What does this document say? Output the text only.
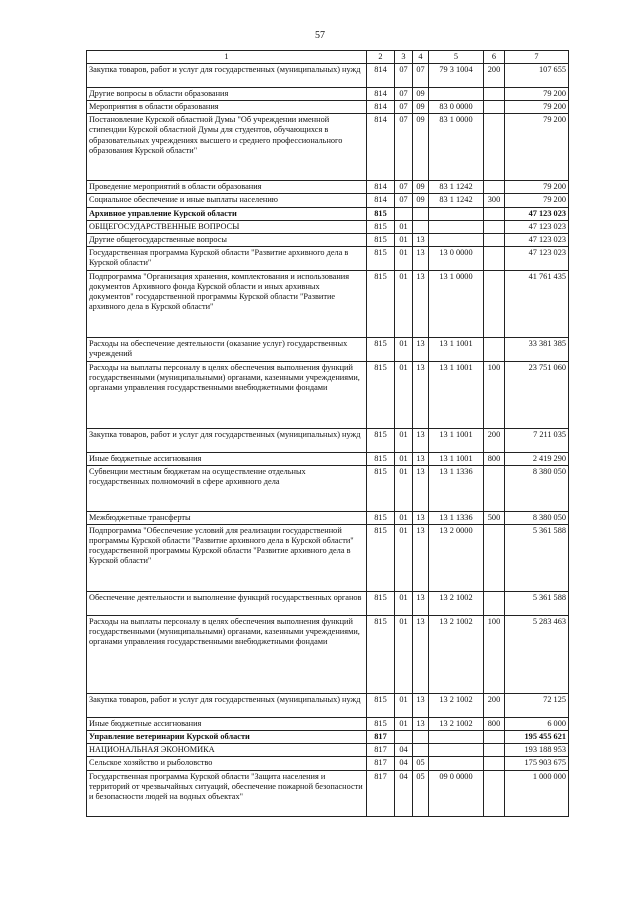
57
1	2	3	4	5	6	7
Закупка товаров, работ и услуг для государственных (муниципальных) нужд	814	07	07	79 3 1004	200	107 655
Другие вопросы в области образования	814	07	09			79 200
Мероприятия в области образования	814	07	09	83 0 0000		79 200
Постановление Курской областной Думы "Об учреждении именной стипендии Курской областной Думы для студентов, обучающихся в образовательных учреждениях высшего и среднего профессионального образования Курской области"	814	07	09	83 1 0000		79 200
Проведение мероприятий в области образования	814	07	09	83 1 1242		79 200
Социальное обеспечение и иные выплаты населению	814	07	09	83 1 1242	300	79 200
Архивное управление Курской области	815					47 123 023
ОБЩЕГОСУДАРСТВЕННЫЕ ВОПРОСЫ	815	01				47 123 023
Другие общегосударственные вопросы	815	01	13			47 123 023
Государственная программа Курской области "Развитие архивного дела в Курской области"	815	01	13	13 0 0000		47 123 023
Подпрограмма "Организация хранения, комплектования и использования документов Архивного фонда Курской области и иных архивных документов" государственной программы Курской области "Развитие архивного дела в Курской области"	815	01	13	13 1 0000		41 761 435
Расходы на обеспечение деятельности (оказание услуг) государственных учреждений	815	01	13	13 1 1001		33 381 385
Расходы на выплаты персоналу в целях обеспечения выполнения функций государственными (муниципальными) органами, казенными учреждениями, органами управления государственными внебюджетными фондами	815	01	13	13 1 1001	100	23 751 060
Закупка товаров, работ и услуг для государственных (муниципальных) нужд	815	01	13	13 1 1001	200	7 211 035
Иные бюджетные ассигнования	815	01	13	13 1 1001	800	2 419 290
Субвенции местным бюджетам на осуществление отдельных государственных полномочий в сфере архивного дела	815	01	13	13 1 1336		8 380 050
Межбюджетные трансферты	815	01	13	13 1 1336	500	8 380 050
Подпрограмма "Обеспечение условий для реализации государственной программы Курской области "Развитие архивного дела в Курской области" государственной программы Курской области "Развитие архивного дела в Курской области"	815	01	13	13 2 0000		5 361 588
Обеспечение деятельности и выполнение функций государственных органов	815	01	13	13 2 1002		5 361 588
Расходы на выплаты персоналу в целях обеспечения выполнения функций государственными (муниципальными) органами, казенными учреждениями, органами управления государственными внебюджетными фондами	815	01	13	13 2 1002	100	5 283 463
Закупка товаров, работ и услуг для государственных (муниципальных) нужд	815	01	13	13 2 1002	200	72 125
Иные бюджетные ассигнования	815	01	13	13 2 1002	800	6 000
Управление ветеринарии Курской области	817					195 455 621
НАЦИОНАЛЬНАЯ ЭКОНОМИКА	817	04				193 188 953
Сельское хозяйство и рыболовство	817	04	05			175 903 675
Государственная программа Курской области "Защита населения и территорий от чрезвычайных ситуаций, обеспечение пожарной безопасности и безопасности людей на водных объектах"	817	04	05	09 0 0000		1 000 000
